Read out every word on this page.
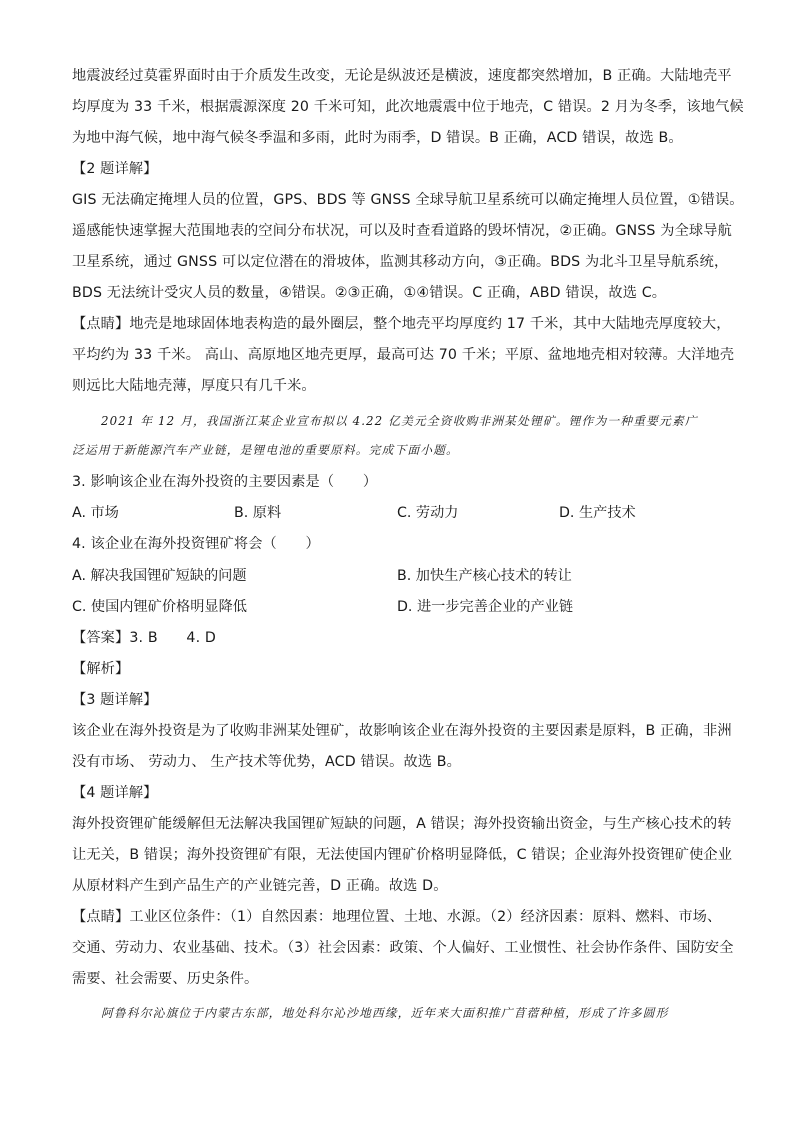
地震波经过莫霍界面时由于介质发生改变，无论是纵波还是横波，速度都突然增加，B 正确。大陆地壳平
均厚度为 33 千米，根据震源深度 20 千米可知，此次地震震中位于地壳，C 错误。2 月为冬季，该地气候
为地中海气候，地中海气候冬季温和多雨，此时为雨季，D 错误。B 正确，ACD 错误，故选 B。
【2 题详解】
GIS 无法确定掩埋人员的位置，GPS、BDS 等 GNSS 全球导航卫星系统可以确定掩埋人员位置，①错误。
遥感能快速掌握大范围地表的空间分布状况，可以及时查看道路的毁坏情况，②正确。GNSS 为全球导航
卫星系统，通过 GNSS 可以定位潜在的滑坡体，监测其移动方向，③正确。BDS 为北斗卫星导航系统，
BDS 无法统计受灾人员的数量，④错误。②③正确，①④错误。C 正确，ABD 错误，故选 C。
【点睛】地壳是地球固体地表构造的最外圈层，整个地壳平均厚度约 17 千米，其中大陆地壳厚度较大，
平均约为 33 千米。 高山、高原地区地壳更厚，最高可达 70 千米；平原、盆地地壳相对较薄。大洋地壳
则远比大陆地壳薄，厚度只有几千米。
2021 年 12 月，我国浙江某企业宣布拟以 4.22 亿美元全资收购非洲某处锂矿。锂作为一种重要元素广
泛运用于新能源汽车产业链，是锂电池的重要原料。完成下面小题。
3. 影响该企业在海外投资的主要因素是（　　）
A. 市场	B. 原料	C. 劳动力	D. 生产技术
4. 该企业在海外投资锂矿将会（　　）
A. 解决我国锂矿短缺的问题	B. 加快生产核心技术的转让
C. 使国内锂矿价格明显降低	D. 进一步完善企业的产业链
【答案】3. B　　4. D
【解析】
【3 题详解】
该企业在海外投资是为了收购非洲某处锂矿，故影响该企业在海外投资的主要因素是原料，B 正确，非洲
没有市场、 劳动力、 生产技术等优势，ACD 错误。故选 B。
【4 题详解】
海外投资锂矿能缓解但无法解决我国锂矿短缺的问题，A 错误；海外投资输出资金，与生产核心技术的转
让无关，B 错误；海外投资锂矿有限，无法使国内锂矿价格明显降低，C 错误；企业海外投资锂矿使企业
从原材料产生到产品生产的产业链完善，D 正确。故选 D。
【点睛】工业区位条件：（1）自然因素：地理位置、土地、水源。（2）经济因素：原料、燃料、市场、
交通、劳动力、农业基础、技术。（3）社会因素：政策、个人偏好、工业惯性、社会协作条件、国防安全
需要、社会需要、历史条件。
阿鲁科尔沁旗位于内蒙古东部，地处科尔沁沙地西缘，近年来大面积推广苜蓿种植，形成了许多圆形
